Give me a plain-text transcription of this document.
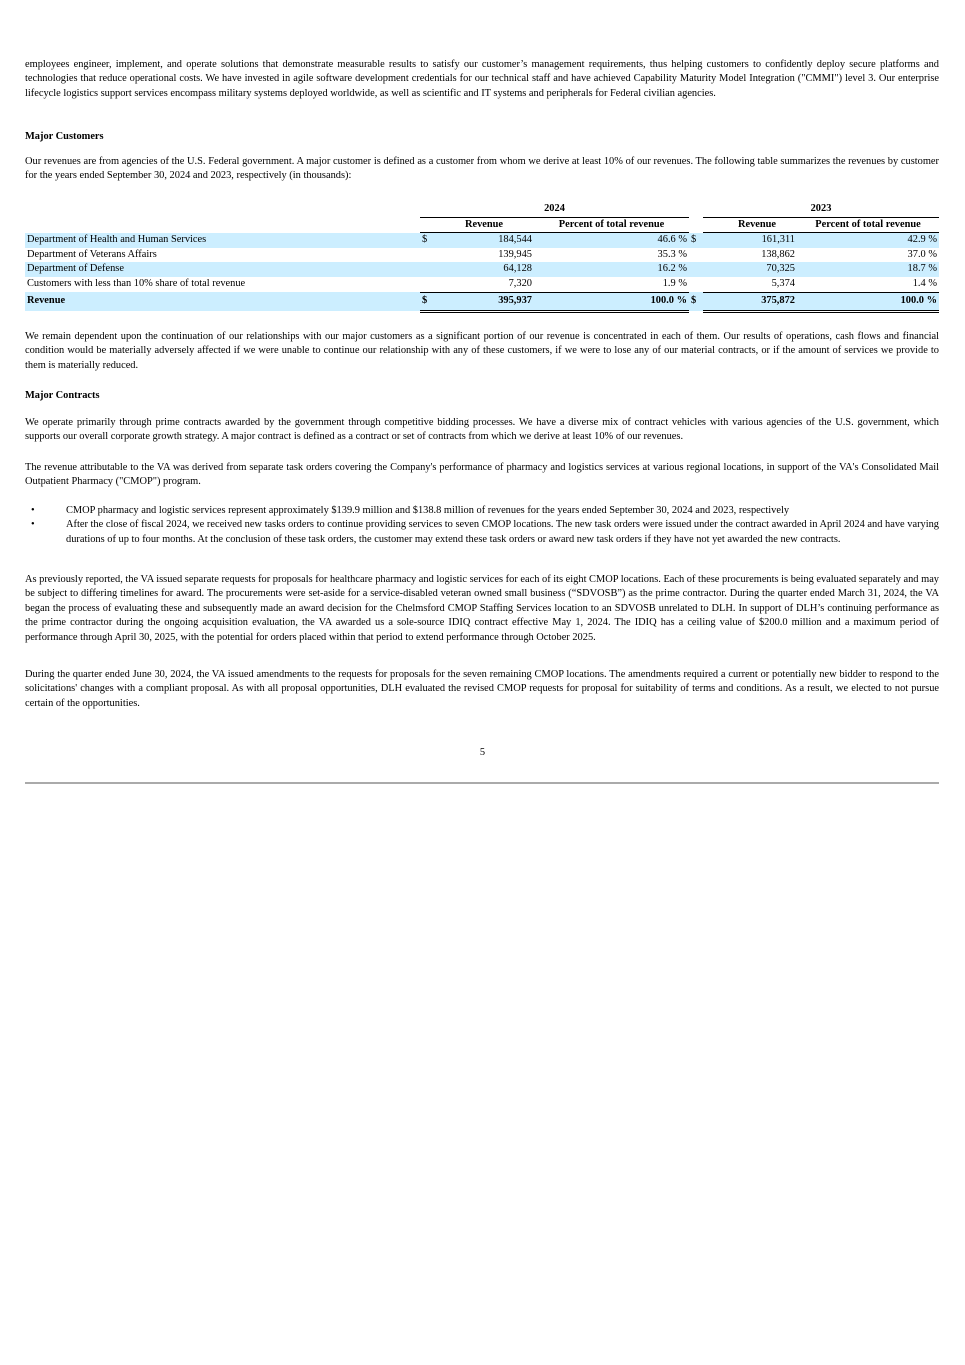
employees engineer, implement, and operate solutions that demonstrate measurable results to satisfy our customer’s management requirements, thus helping customers to confidently deploy secure platforms and technologies that reduce operational costs. We have invested in agile software development credentials for our technical staff and have achieved Capability Maturity Model Integration ("CMMI") level 3. Our enterprise lifecycle logistics support services encompass military systems deployed worldwide, as well as scientific and IT systems and peripherals for Federal civilian agencies.

Major Customers

Our revenues are from agencies of the U.S. Federal government. A major customer is defined as a customer from whom we derive at least 10% of our revenues. The following table summarizes the revenues by customer for the years ended September 30, 2024 and 2023, respectively (in thousands):

	2024				2023		
		Revenue	Percent of total revenue			Revenue	Percent of total revenue
Department of Health and Human Services	$	184,544	46.6 %	$		161,311	42.9 %
Department of Veterans Affairs		139,945	35.3 %			138,862	37.0 %
Department of Defense		64,128	16.2 %			70,325	18.7 %
Customers with less than 10% share of total revenue		7,320	1.9 %			5,374	1.4 %
Revenue	$	395,937	100.0 %	$		375,872	100.0 %

We remain dependent upon the continuation of our relationships with our major customers as a significant portion of our revenue is concentrated in each of them. Our results of operations, cash flows and financial condition would be materially adversely affected if we were unable to continue our relationship with any of these customers, if we were to lose any of our material contracts, or if the amount of services we provide to them is materially reduced.

Major Contracts

We operate primarily through prime contracts awarded by the government through competitive bidding processes. We have a diverse mix of contract vehicles with various agencies of the U.S. government, which supports our overall corporate growth strategy. A major contract is defined as a contract or set of contracts from which we derive at least 10% of our revenues.

The revenue attributable to the VA was derived from separate task orders covering the Company's performance of pharmacy and logistics services at various regional locations, in support of the VA's Consolidated Mail Outpatient Pharmacy ("CMOP") program.

•	CMOP pharmacy and logistic services represent approximately $139.9 million and $138.8 million of revenues for the years ended September 30, 2024 and 2023, respectively
•	After the close of fiscal 2024, we received new tasks orders to continue providing services to seven CMOP locations. The new task orders were issued under the contract awarded in April 2024 and have varying durations of up to four months. At the conclusion of these task orders, the customer may extend these task orders or award new task orders if they have not yet awarded the new contracts.

As previously reported, the VA issued separate requests for proposals for healthcare pharmacy and logistic services for each of its eight CMOP locations. Each of these procurements is being evaluated separately and may be subject to differing timelines for award. The procurements were set-aside for a service-disabled veteran owned small business (“SDVOSB”) as the prime contractor. During the quarter ended March 31, 2024, the VA began the process of evaluating these and subsequently made an award decision for the Chelmsford CMOP Staffing Services location to an SDVOSB unrelated to DLH. In support of DLH’s continuing performance as the prime contractor during the ongoing acquisition evaluation, the VA awarded us a sole-source IDIQ contract effective May 1, 2024. The IDIQ has a ceiling value of $200.0 million and a maximum period of performance through April 30, 2025, with the potential for orders placed within that period to extend performance through October 2025.

During the quarter ended June 30, 2024, the VA issued amendments to the requests for proposals for the seven remaining CMOP locations. The amendments required a current or potentially new bidder to respond to the solicitations' changes with a compliant proposal. As with all proposal opportunities, DLH evaluated the revised CMOP requests for proposal for suitability of terms and conditions. As a result, we elected to not pursue certain of the opportunities.

5
